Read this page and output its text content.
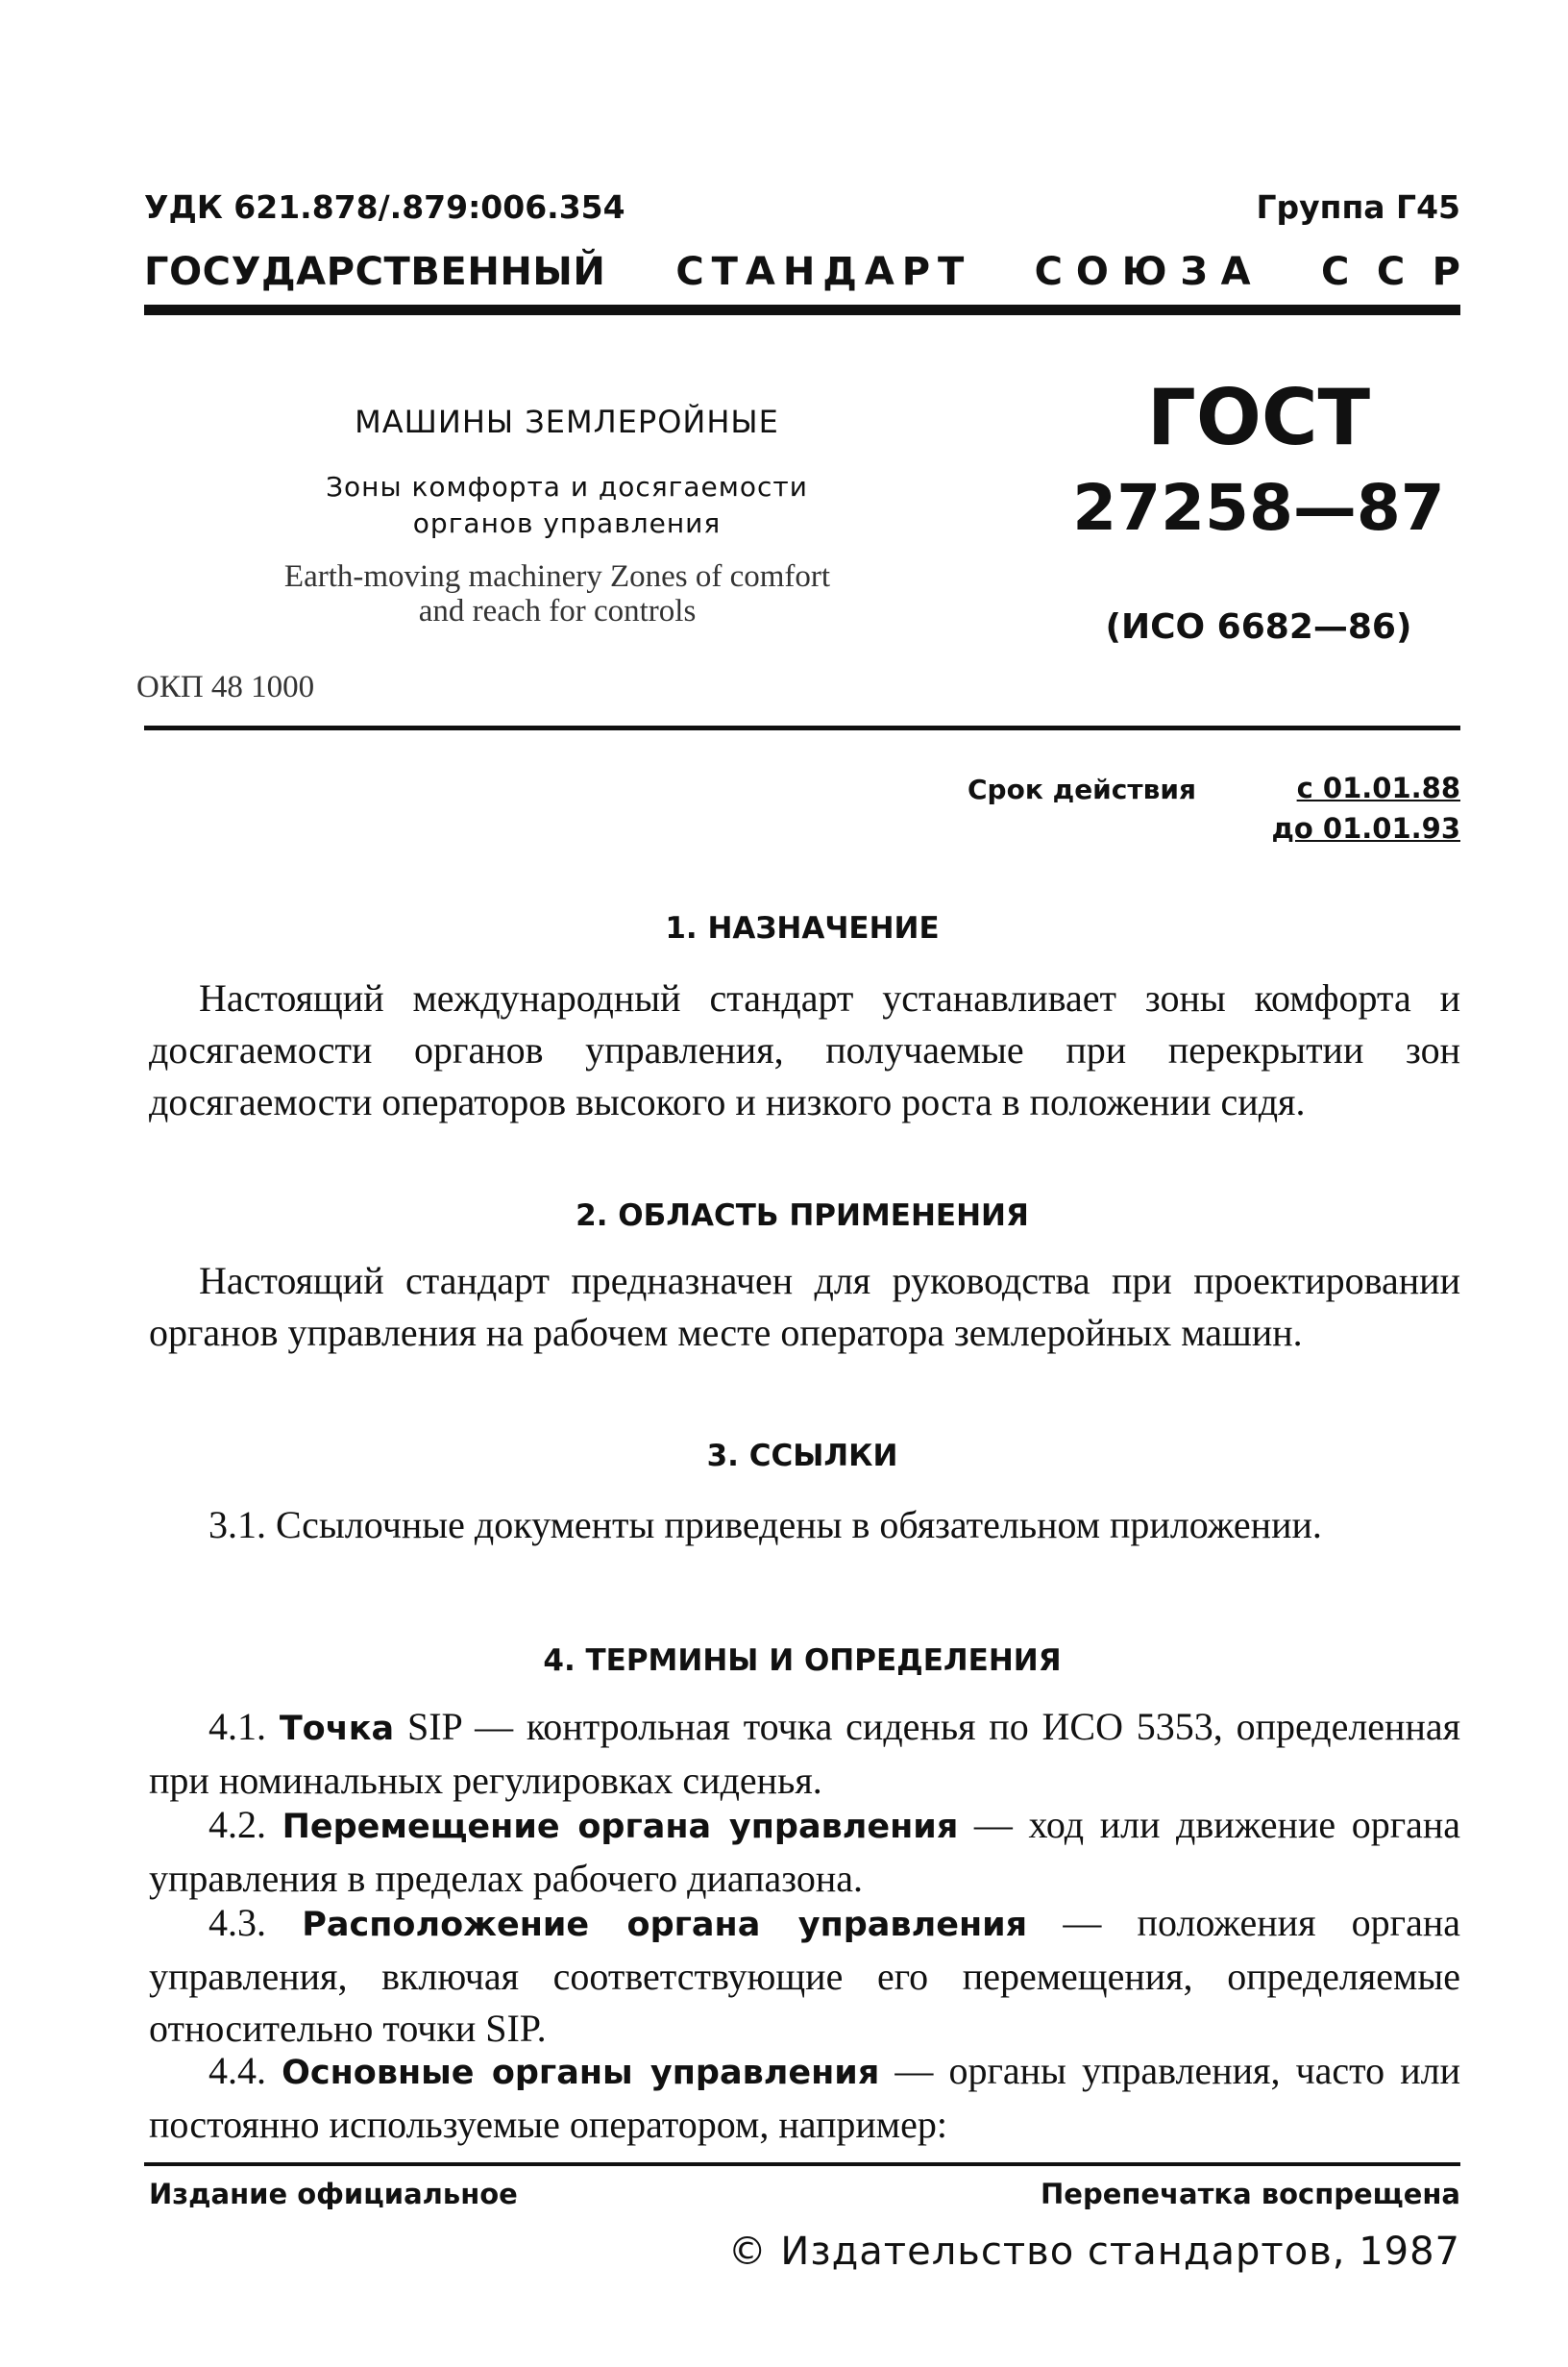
УДК 621.878/.879:006.354	Группа Г45
Г О С У Д А Р С Т В Е Н Н Ы Й С Т А Н Д А Р Т С О Ю З А С С Р
МАШИНЫ ЗЕМЛЕРОЙНЫЕ
Зоны комфорта и досягаемости
органов управления
Earth-moving machinery Zones of comfort
and reach for controls
ОКП 48 1000
ГОСТ
27258—87
(ИСО 6682—86)
Срок действия	с 01.01.88
до 01.01.93
1. НАЗНАЧЕНИЕ
Настоящий международный стандарт устанавливает зоны комфорта и досягаемости органов управления, получаемые при перекрытии зон досягаемости операторов высокого и низкого роста в положении сидя.
2. ОБЛАСТЬ ПРИМЕНЕНИЯ
Настоящий стандарт предназначен для руководства при проектировании органов управления на рабочем месте оператора землеройных машин.
3. ССЫЛКИ
3.1. Ссылочные документы приведены в обязательном приложении.
4. ТЕРМИНЫ И ОПРЕДЕЛЕНИЯ
4.1. Точка SIP — контрольная точка сиденья по ИСО 5353, определенная при номинальных регулировках сиденья.
4.2. Перемещение органа управления — ход или движение органа управления в пределах рабочего диапазона.
4.3. Расположение органа управления — положения органа управления, включая соответствующие его перемещения, определяемые относительно точки SIP.
4.4. Основные органы управления — органы управления, часто или постоянно используемые оператором, например:
Издание официальное	Перепечатка воспрещена
© Издательство стандартов, 1987
